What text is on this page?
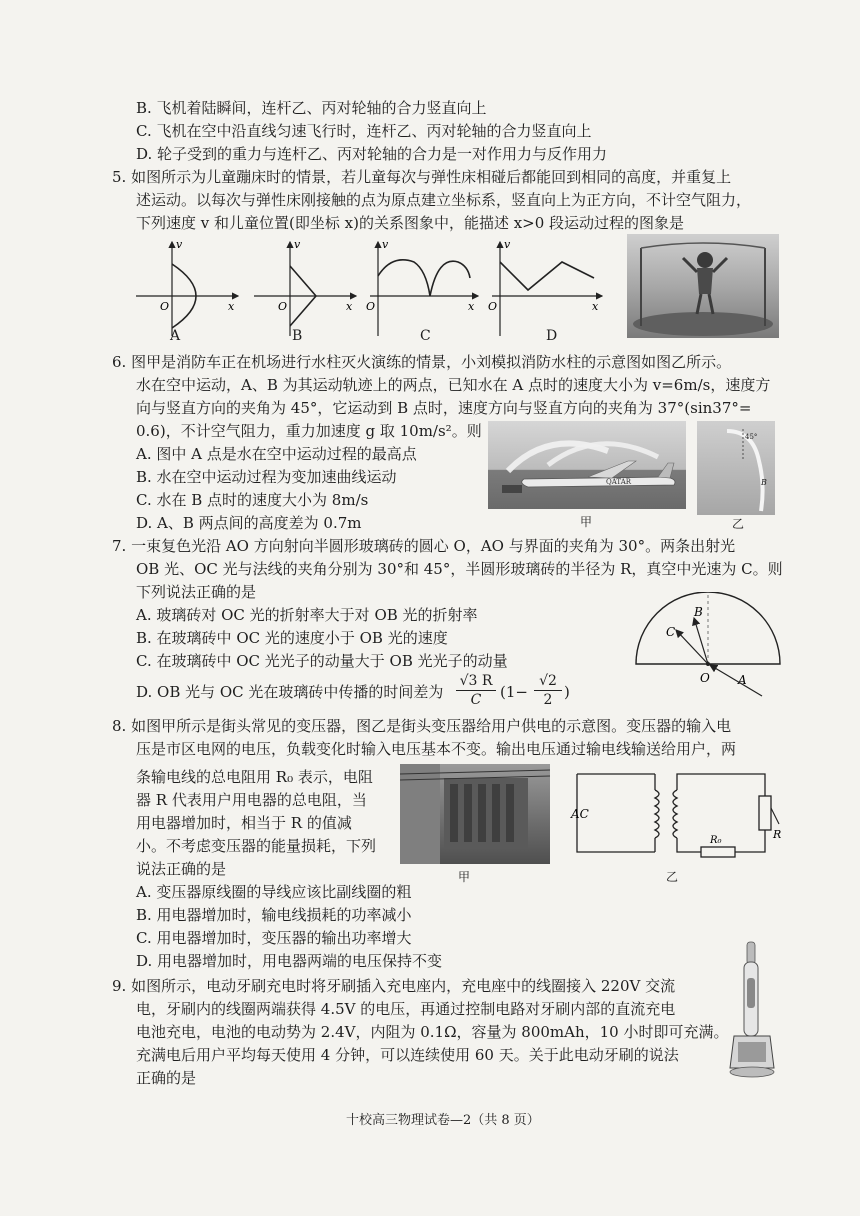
B. 飞机着陆瞬间，连杆乙、丙对轮轴的合力竖直向上
C. 飞机在空中沿直线匀速飞行时，连杆乙、丙对轮轴的合力竖直向上
D. 轮子受到的重力与连杆乙、丙对轮轴的合力是一对作用力与反作用力
5. 如图所示为儿童蹦床时的情景，若儿童每次与弹性床相碰后都能回到相同的高度，并重复上
述运动。以每次与弹性床刚接触的点为原点建立坐标系，竖直向上为正方向，不计空气阻力，
下列速度 v 和儿童位置(即坐标 x)的关系图象中，能描述 x>0 段运动过程的图象是
v
x
O
v
x
O
v
x
O
v
x
O
A	B	C	D
6. 图甲是消防车正在机场进行水柱灭火演练的情景，小刘模拟消防水柱的示意图如图乙所示。
水在空中运动，A、B 为其运动轨迹上的两点，已知水在 A 点时的速度大小为 v=6m/s，速度方
向与竖直方向的夹角为 45°，它运动到 B 点时，速度方向与竖直方向的夹角为 37°(sin37°=
0.6)，不计空气阻力，重力加速度 g 取 10m/s²。则
A. 图中 A 点是水在空中运动过程的最高点
B. 水在空中运动过程为变加速曲线运动
C. 水在 B 点时的速度大小为 8m/s
D. A、B 两点间的高度差为 0.7m
QATAR
甲
45°
B
乙
7. 一束复色光沿 AO 方向射向半圆形玻璃砖的圆心 O，AO 与界面的夹角为 30°。两条出射光
OB 光、OC 光与法线的夹角分别为 30°和 45°，半圆形玻璃砖的半径为 R，真空中光速为 C。则
下列说法正确的是
A. 玻璃砖对 OC 光的折射率大于对 OB 光的折射率
B. 在玻璃砖中 OC 光的速度小于 OB 光的速度
C. 在玻璃砖中 OC 光光子的动量大于 OB 光光子的动量
D. OB 光与 OC 光在玻璃砖中传播的时间差为 $\frac{√3 R}{C} (1- \frac{√2}{2}$ )
B
C
O A
8. 如图甲所示是街头常见的变压器，图乙是街头变压器给用户供电的示意图。变压器的输入电
压是市区电网的电压，负载变化时输入电压基本不变。输出电压通过输电线输送给用户，两
条输电线的总电阻用 R₀ 表示，电阻
器 R 代表用户用电器的总电阻，当
用电器增加时，相当于 R 的值减
小。不考虑变压器的能量损耗，下列
说法正确的是
A. 变压器原线圈的导线应该比副线圈的粗
B. 用电器增加时，输电线损耗的功率减小
C. 用电器增加时，变压器的输出功率增大
D. 用电器增加时，用电器两端的电压保持不变
甲
AC
R
R₀
乙
9. 如图所示，电动牙刷充电时将牙刷插入充电座内，充电座中的线圈接入 220V 交流
电，牙刷内的线圈两端获得 4.5V 的电压，再通过控制电路对牙刷内部的直流充电
电池充电，电池的电动势为 2.4V，内阻为 0.1Ω，容量为 800mAh，10 小时即可充满。
充满电后用户平均每天使用 4 分钟，可以连续使用 60 天。关于此电动牙刷的说法
正确的是
十校高三物理试卷—2（共 8 页）
